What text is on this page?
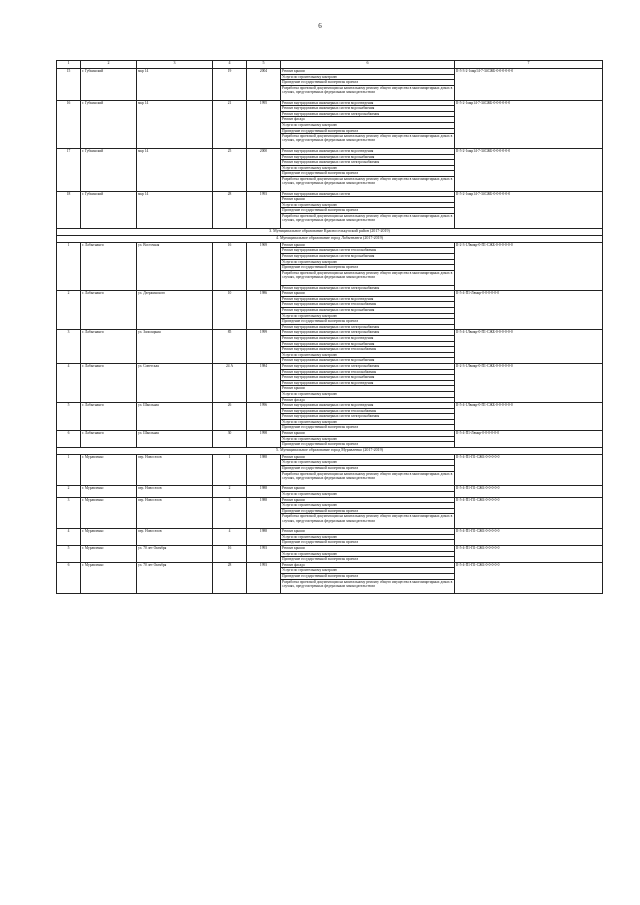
6
1	2	3	4	5	6	7
15	г. Губкинский	мкр 14	19	2004	Ремонт крыши	II-5-3-2-1мкр14-7-34СЖБ-0-0-0-0-0-0
					Услуги по строительному контролю	
					Проведение государственной экспертизы проекта	
					Разработка проектной документации на капитальному ремонту общего имущества в многоквартирных домах в случаях, предусмотренных федеральным законодательством	
16	г. Губкинский	мкр 14	21	1995	Ремонт внутридомовых инженерных систем водоотведения	II-5-2-1мкр14-7-34СЖБ-0-0-0-0-0-0
					Ремонт внутридомовых инженерных систем водоснабжения	
					Ремонт внутридомовых инженерных систем электроснабжения	
					Ремонт фасада	
					Услуги по строительному контролю	
					Проведение государственной экспертизы проекта	
					Разработка проектной документации на капитальному ремонту общего имущества в многоквартирных домах в случаях, предусмотренных федеральным законодательством	
17	г. Губкинский	мкр 14	25	2000	Ремонт внутридомовых инженерных систем водоотведения	II-5-2-1мкр14-7-34СЖБ-0-0-0-0-0-0
					Ремонт внутридомовых инженерных систем водоснабжения	
					Ремонт внутридомовых инженерных систем электроснабжения	
					Услуги по строительному контролю	
					Проведение государственной экспертизы проекта	
					Разработка проектной документации на капитальному ремонту общего имущества в многоквартирных домах в случаях, предусмотренных федеральным законодательством	
18	г. Губкинский	мкр 14	28	1993	Ремонт внутридомовых инженерных систем	II-5-2-1мкр14-7-34СЖБ-0-0-0-0-0-0
					Ремонт крыши	
					Услуги по строительному контролю	
					Проведение государственной экспертизы проекта	
					Разработка проектной документации на капитальному ремонту общего имущества в многоквартирных домах в случаях, предусмотренных федеральным законодательством	
3. Муниципальное образование Красноселькупский район (2017-2019)						
4. Муниципальное образование город Лабытнанги (2017-2019)						
1	г. Лабытнанги	ул. Восточная	16	1969	Ремонт крыши	II-2-3-1Лвмкр-0-П1-СЖБ-0-0-0-0-0-0
					Ремонт внутридомовых инженерных систем теплоснабжения	
					Ремонт внутридомовых инженерных систем водоснабжения	
					Услуги по строительному контролю	
					Проведение государственной экспертизы проекта	
					Разработка проектной документации на капитальному ремонту общего имущества в многоквартирных домах в случаях, предусмотренных федеральным законодательством	
					Ремонт внутридомовых инженерных систем электроснабжения	
2	г. Лабытнанги	ул. Дзержинского	10	1986	Ремонт крыши	II-5-4-П1-Лвмкр-0-0-0-0-0-0
					Ремонт внутридомовых инженерных систем водоотведения	
					Ремонт внутридомовых инженерных систем теплоснабжения	
					Ремонт внутридомовых инженерных систем водоснабжения	
					Услуги по строительному контролю	
					Проведение государственной экспертизы проекта	
					Ремонт внутридомовых инженерных систем электроснабжения	
3	г. Лабытнанги	ул. Заполярная	85	1999	Ремонт внутридомовых инженерных систем электроснабжения	II-5-4-1Лвмкр-0-П1-СЖБ-0-0-0-0-0-0
					Ремонт внутридомовых инженерных систем водоотведения	
					Ремонт внутридомовых инженерных систем водоснабжения	
					Ремонт внутридомовых инженерных систем теплоснабжения	
					Услуги по строительному контролю	
					Ремонт внутридомовых инженерных систем водоснабжения	
4	г. Лабытнанги	ул. Советская	24 А	1984	Ремонт внутридомовых инженерных систем электроснабжения	II-2-3-1Лвмкр-0-П1-СЖБ-0-0-0-0-0-0
					Ремонт внутридомовых инженерных систем теплоснабжения	
					Ремонт внутридомовых инженерных систем водоснабжения	
					Ремонт внутридомовых инженерных систем водоотведения	
					Ремонт крыши	
					Услуги по строительному контролю	
					Ремонт фасада	
5	г. Лабытнанги	ул. Школьная	26	1996	Ремонт внутридомовых инженерных систем водоотведения	II-5-4-1Лвмкр-0-П1-СЖБ-0-0-0-0-0-0
					Ремонт внутридомовых инженерных систем теплоснабжения	
					Ремонт внутридомовых инженерных систем электроснабжения	
					Услуги по строительному контролю	
					Проведение государственной экспертизы проекта	
6	г. Лабытнанги	ул. Школьная	30	1998	Ремонт крыши	II-5-4-П1-Лвмкр-0-0-0-0-0-0
					Услуги по строительному контролю	
					Проведение государственной экспертизы проекта	
5. Муниципальное образование город Муравленко (2017-2019)						
1	г. Муравленко	пер. Новоселов	1	1988	Ремонт крыши	II-5-4-П1-П1-СЖБ-0-0-0-0-0
					Услуги по строительному контролю	
					Проведение государственной экспертизы проекта	
					Разработка проектной документации на капитальному ремонту общего имущества в многоквартирных домах в случаях, предусмотренных федеральным законодательством	
2	г. Муравленко	пер. Новоселов	2	1988	Ремонт крыши	II-5-4-П1-П1-СЖБ-0-0-0-0-0
					Услуги по строительному контролю	
3	г. Муравленко	пер. Новоселов	3	1988	Ремонт крыши	II-5-4-П1-П1-СЖБ-0-0-0-0-0
					Услуги по строительному контролю	
					Проведение государственной экспертизы проекта	
					Разработка проектной документации на капитальному ремонту общего имущества в многоквартирных домах в случаях, предусмотренных федеральным законодательством	
4	г. Муравленко	пер. Новоселов	4	1988	Ремонт крыши	II-5-4-П1-П1-СЖБ-0-0-0-0-0
					Услуги по строительному контролю	
					Проведение государственной экспертизы проекта	
5	г. Муравленко	ул. 70 лет Октября	16	1993	Ремонт крыши	II-5-4-П1-П1-СЖБ-0-0-0-0-0
					Услуги по строительному контролю	
					Проведение государственной экспертизы проекта	
6	г. Муравленко	ул. 70 лет Октября	28	1993	Ремонт фасада	II-5-4-П1-П1-СЖБ-0-0-0-0-0
					Услуги по строительному контролю	
					Проведение государственной экспертизы проекта	
					Разработка проектной документации на капитальному ремонту общего имущества в многоквартирных домах в случаях, предусмотренных федеральным законодательством	
